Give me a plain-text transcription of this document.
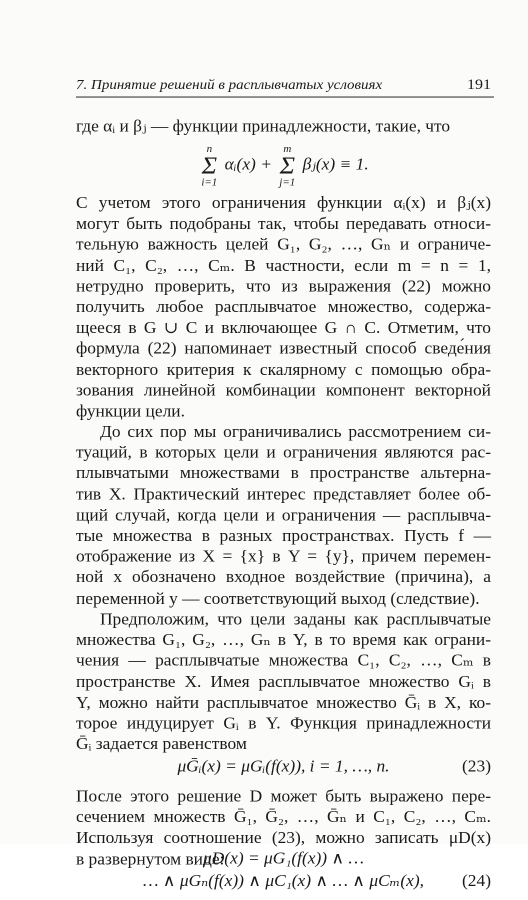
7. Принятие решений в расплывчатых условиях	191
где αᵢ и βⱼ — функции принадлежности, такие, что
n
Σ
i=1
αᵢ(x) +
m
Σ
j=1
βⱼ(x) ≡ 1.
С учетом этого ограничения функции αᵢ(x) и βⱼ(x)
могут быть подобраны так, чтобы передавать относи-
тельную важность целей G₁, G₂, …, Gₙ и ограниче-
ний C₁, C₂, …, Cₘ. В частности, если m = n = 1,
нетрудно проверить, что из выражения (22) можно
получить любое расплывчатое множество, содержа-
щееся в G ∪ C и включающее G ∩ C. Отметим, что
формула (22) напоминает известный способ сведе́ния
векторного критерия к скалярному с помощью обра-
зования линейной комбинации компонент векторной
функции цели.
До сих пор мы ограничивались рассмотрением си-
туаций, в которых цели и ограничения являются рас-
плывчатыми множествами в пространстве альтерна-
тив X. Практический интерес представляет более об-
щий случай, когда цели и ограничения — расплывча-
тые множества в разных пространствах. Пусть f —
отображение из X = {x} в Y = {y}, причем перемен-
ной x обозначено входное воздействие (причина), а
переменной y — соответствующий выход (следствие).
Предположим, что цели заданы как расплывчатые
множества G₁, G₂, …, Gₙ в Y, в то время как ограни-
чения — расплывчатые множества C₁, C₂, …, Cₘ в
пространстве X. Имея расплывчатое множество Gᵢ в
Y, можно найти расплывчатое множество Ḡᵢ в X, ко-
торое индуцирует Gᵢ в Y. Функция принадлежности
Ḡᵢ задается равенством
μḠᵢ(x) = μGᵢ(f(x)), i = 1, …, n.	(23)
После этого решение D может быть выражено пере-
сечением множеств Ḡ₁, Ḡ₂, …, Ḡₙ и C₁, C₂, …, Cₘ.
Используя соотношение (23), можно записать μD(x)
в развернутом виде:
μD(x) = μG₁(f(x)) ∧ …
… ∧ μGₙ(f(x)) ∧ μC₁(x) ∧ … ∧ μCₘ(x), (24)
